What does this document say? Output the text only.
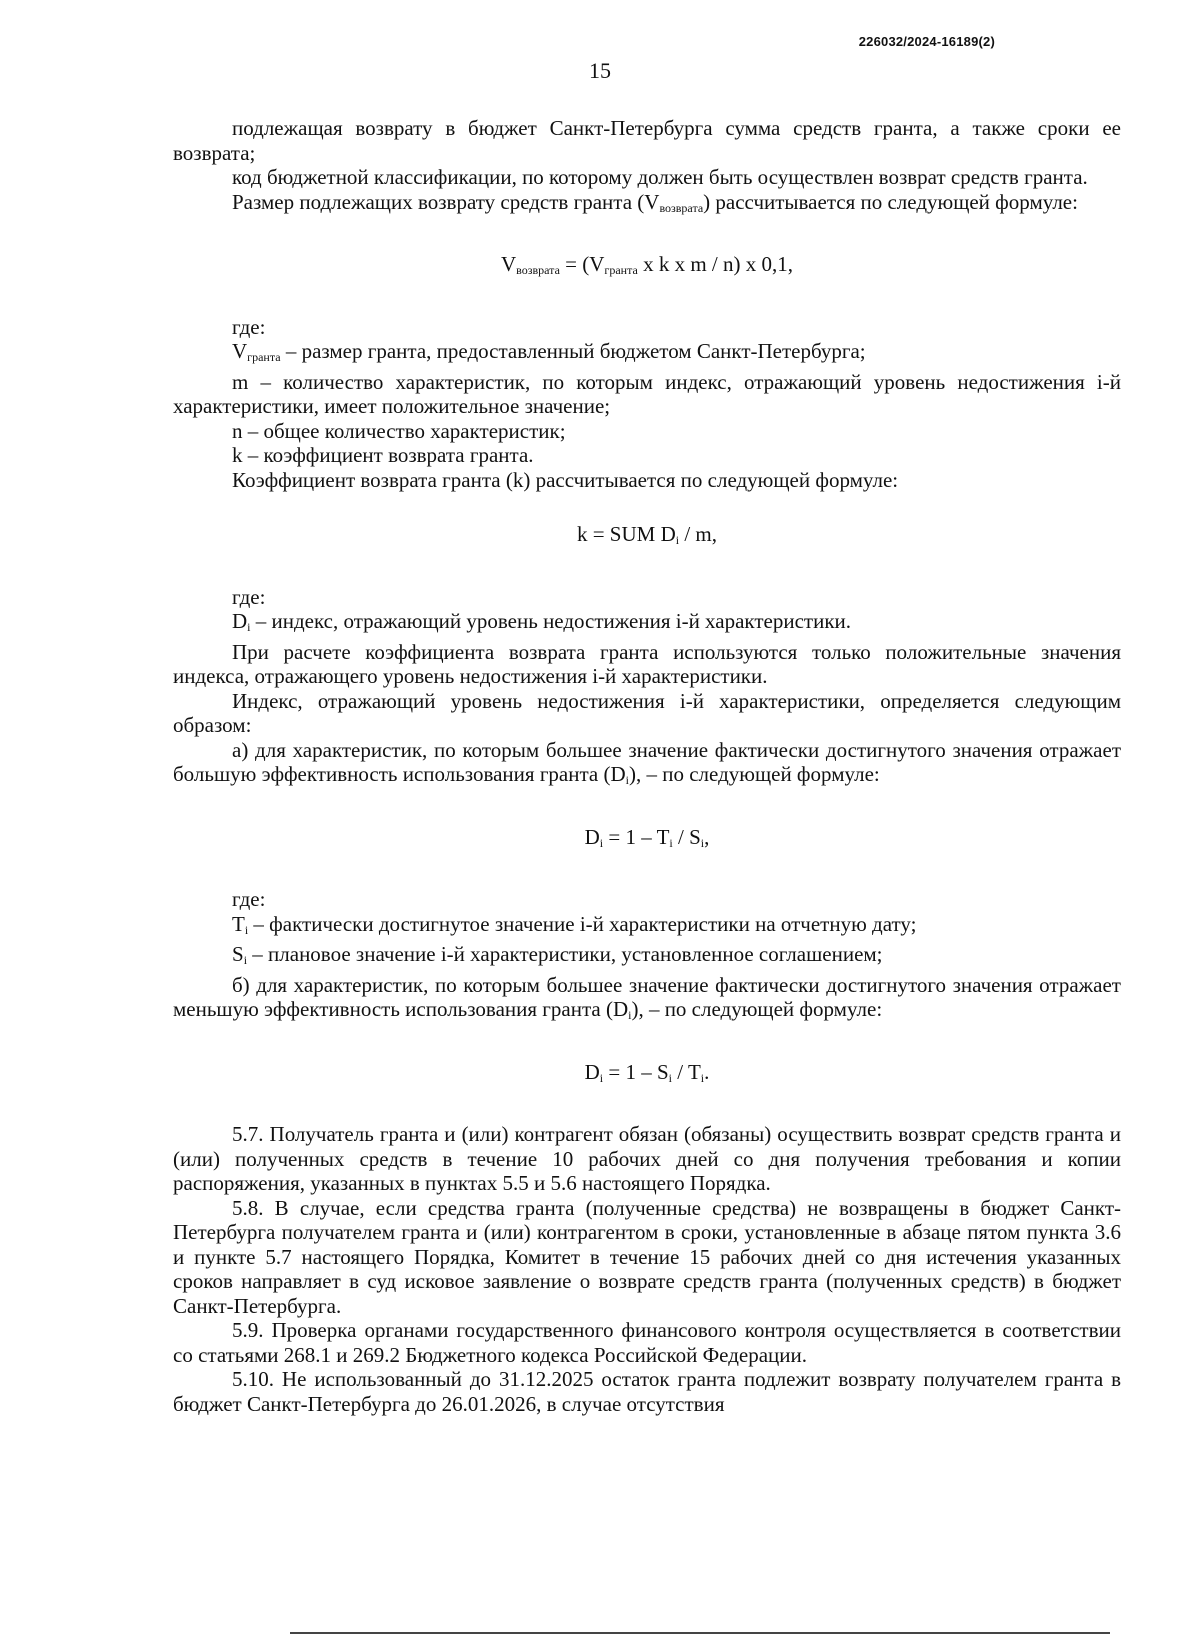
226032/2024-16189(2)
15

подлежащая возврату в бюджет Санкт-Петербурга сумма средств гранта, а также сроки ее возврата;

код бюджетной классификации, по которому должен быть осуществлен возврат средств гранта.

Размер подлежащих возврату средств гранта $(V_{возврата})$ рассчитывается по следующей формуле:

$V_{возврата} = (V_{гранта}$ x k x m / n) x 0,1,

где:

$V_{гранта}$ – размер гранта, предоставленный бюджетом Санкт-Петербурга;

m – количество характеристик, по которым индекс, отражающий уровень недостижения i-й характеристики, имеет положительное значение;

n – общее количество характеристик;

k – коэффициент возврата гранта.

Коэффициент возврата гранта (k) рассчитывается по следующей формуле:

k = SUM $D_i$ / m,

где:

$D_i$ – индекс, отражающий уровень недостижения i-й характеристики.

При расчете коэффициента возврата гранта используются только положительные значения индекса, отражающего уровень недостижения i-й характеристики.

Индекс, отражающий уровень недостижения i-й характеристики, определяется следующим образом:

а) для характеристик, по которым большее значение фактически достигнутого значения отражает большую эффективность использования гранта $(D_i)$, – по следующей формуле:

$D_i = 1 - T_i / S_i$,

где:

$T_i$ – фактически достигнутое значение i-й характеристики на отчетную дату;

$S_i$ – плановое значение i-й характеристики, установленное соглашением;

б) для характеристик, по которым большее значение фактически достигнутого значения отражает меньшую эффективность использования гранта $(D_i)$, – по следующей формуле:

$D_i = 1 - S_i / T_i$.

5.7. Получатель гранта и (или) контрагент обязан (обязаны) осуществить возврат средств гранта и (или) полученных средств в течение 10 рабочих дней со дня получения требования и копии распоряжения, указанных в пунктах 5.5 и 5.6 настоящего Порядка.

5.8. В случае, если средства гранта (полученные средства) не возвращены в бюджет Санкт-Петербурга получателем гранта и (или) контрагентом в сроки, установленные в абзаце пятом пункта 3.6 и пункте 5.7 настоящего Порядка, Комитет в течение 15 рабочих дней со дня истечения указанных сроков направляет в суд исковое заявление о возврате средств гранта (полученных средств) в бюджет Санкт-Петербурга.

5.9. Проверка органами государственного финансового контроля осуществляется в соответствии со статьями 268.1 и 269.2 Бюджетного кодекса Российской Федерации.

5.10. Не использованный до 31.12.2025 остаток гранта подлежит возврату получателем гранта в бюджет Санкт-Петербурга до 26.01.2026, в случае отсутствия
